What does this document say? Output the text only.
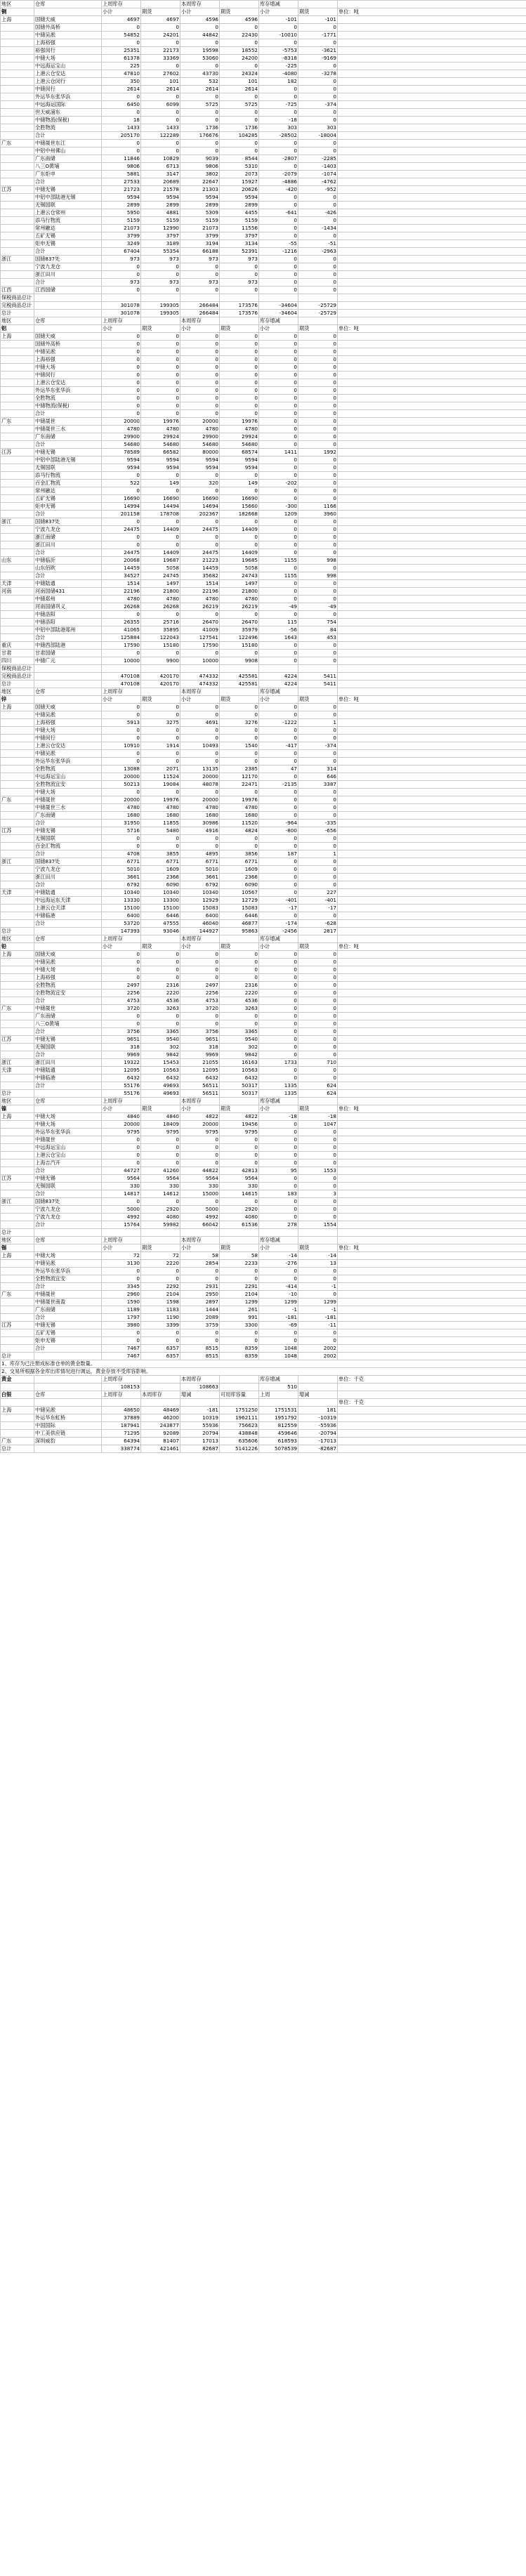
地区	仓库	上周库存		本周库存		库存增减		
铜		小计	期货	小计	期货	小计	期货	单位：吨
上海	国储天威	4697	4697	4596	4596	-101	-101	
	国储外高桥	0	0	0	0	0	0	
	中储吴淞	54852	24201	44842	22430	-10010	-1771	
	上海裕强	0	0	0	0	0	0	
	裕强闵行	25351	22173	19598	18552	-5753	-3621	
	中储大场	61378	33369	53060	24200	-8318	-9169	
	中远海运宝山	225	0	0	0	-225	0	
	上港云仓安达	47810	27602	43730	24324	-4080	-3278	
	上港云仓闵行	350	101	532	101	182	0	
	中储闵行	2614	2614	2614	2614	0	0	
	外运华东张华浜	0	0	0	0	0	0	
	中远海运国际	6450	6099	5725	5725	-725	-374	
	世天威浦东	0	0	0	0	0	0	
	中储物流(保税)	18	0	0	0	-18	0	
	全胜物流	1433	1433	1736	1736	303	303	
	合计	205170	122289	176676	104285	-28502	-18004	
广东	中储晟世东江	0	0	0	0	0	0	
	中铝中州佛山	0	0	0	0	0	0	
	广东南储	11846	10829	9039	8544	-2807	-2285	
	八三O黄埔	9806	6713	9806	5310	0	-1403	
	广东炬申	5881	3147	3802	2073	-2079	-1074	
	合计	27533	20689	22647	15927	-4886	-4762	
江苏	中储无锡	21723	21578	21303	20626	-420	-952	
	中铝中部陆港无锡	9594	9594	9594	9594	0	0	
	无锡国联	2899	2899	2899	2899	0	0	
	上港云仓常州	5950	4881	5309	4455	-641	-426	
	添马行物流	5159	5159	5159	5159	0	0	
	常州融达	21073	12990	21073	11556	0	-1434	
	五矿无锡	3799	3797	3799	3797	0	0	
	炬申无锡	3249	3189	3194	3134	-55	-51	
	合计	67404	55354	66188	52391	-1216	-2963	
浙江	国储837处	973	973	973	973	0	0	
	宁波九龙仓	0	0	0	0	0	0	
	浙江田川	0	0	0	0	0	0	
	合计	973	973	973	973	0	0	
江西	江西国储	0	0	0	0	0	0	
保税商品总计								
完税商品总计		301078	199305	266484	173576	-34604	-25729	
总计		301078	199305	266484	173576	-34604	-25729	
地区	仓库	上周库存		本周库存		库存增减		
铝		小计	期货	小计	期货	小计	期货	单位：吨
上海	国储天威	0	0	0	0	0	0	
	国储外高桥	0	0	0	0	0	0	
	中储吴淞	0	0	0	0	0	0	
	上海裕强	0	0	0	0	0	0	
	中储大场	0	0	0	0	0	0	
	中储闵行	0	0	0	0	0	0	
	上港云仓安达	0	0	0	0	0	0	
	外运华东张华浜	0	0	0	0	0	0	
	全胜物流	0	0	0	0	0	0	
	中储物流(保税)	0	0	0	0	0	0	
	合计	0	0	0	0	0	0	
广东	中储晟世	20000	19976	20000	19976	0	0	
	中储晟世三水	4780	4780	4780	4780	0	0	
	广东南储	29900	29924	29900	29924	0	0	
	合计	54680	54680	54680	54680	0	0	
江苏	中储无锡	78589	66582	80000	68574	1411	1992	
	中铝中部陆港无锡	9594	9594	9594	9594	0	0	
	无锡国联	9594	9594	9594	9594	0	0	
	添马行物流	0	0	0	0	0	0	
	百金汇物流	522	149	320	149	-202	0	
	常州融达	0	0	0	0	0	0	
	五矿无锡	16690	16690	16690	16690	0	0	
	炬申无锡	14994	14494	14694	15660	-300	1166	
	合计	201158	178708	202367	182668	1209	3960	
浙江	国储837处	0	0	0	0	0	0	
	宁波九龙仓	24475	14409	24475	14409	0	0	
	浙江南储	0	0	0	0	0	0	
	浙江田川	0	0	0	0	0	0	
	合计	24475	14409	24475	14409	0	0	
山东	中储临沂	20068	19687	21223	19685	1155	998	
	山东佰欧	14459	5058	14459	5058	0	0	
	合计	34527	24745	35682	24743	1155	998	
天津	中储陆通	1514	1497	1514	1497	0	0	
河南	河南国储431	22196	21800	22196	21800	0	0	
	中储郑州	4780	4780	4780	4780	0	0	
	河南国储巩义	26268	26268	26219	26219	-49	-49	
	中储洛阳	0	0	0	0	0	0	
	中储洛阳	26355	25716	26470	26470	115	754	
	中铝中部陆港郑州	41065	35895	41009	35979	-56	84	
	合计	125884	122043	127541	122496	1643	453	
重庆	中储西部陆港	17590	15180	17590	15180	0	0	
甘肃	甘肃国储	0	0	0	0	0	0	
四川	中储广元	10000	9900	10000	9908	0	0	
保税商品总计								
完税商品总计		470108	420170	474332	425581	4224	5411	
总计		470108	420170	474332	425581	4224	5411	
地区	仓库	上周库存		本周库存		库存增减		
锌		小计	期货	小计	期货	小计	期货	单位：吨
上海	国储天威	0	0	0	0	0	0	
	中储吴淞	0	0	0	0	0	0	
	上海裕强	5913	3275	4691	3276	-1222	1	
	中储大场	0	0	0	0	0	0	
	中储闵行	0	0	0	0	0	0	
	上港云仓安达	10910	1914	10493	1540	-417	-374	
	中储吴淞	0	0	0	0	0	0	
	外运华东张华浜	0	0	0	0	0	0	
	全胜物流	13088	2071	13135	2385	47	314	
	中远海运宝山	20000	11524	20000	12170	0	646	
	全胜物流宜安	50213	19084	48078	22471	-2135	3387	
	中储大场	0	0	0	0	0	0	
广东	中储晟世	20000	19976	20000	19976	0	0	
	中储晟世三水	4780	4780	4780	4780	0	0	
	广东南储	1680	1680	1680	1680	0	0	
	合计	31950	11855	30986	11520	-964	-335	
江苏	中储无锡	5716	5480	4916	4824	-800	-656	
	无锡国联	0	0	0	0	0	0	
	百金汇物流	0	0	0	0	0	0	
	合计	4708	3855	4895	3856	187	1	
浙江	国储837处	6771	6771	6771	6771	0	0	
	宁波九龙仓	5010	1609	5010	1609	0	0	
	浙江田川	3661	2366	3661	2366	0	0	
	合计	6792	6090	6792	6090	0	0	
天津	中储陆通	10340	10340	10340	10567	0	227	
	中远海运东天津	13330	13300	12929	12729	-401	-401	
	上港云仓天津	15100	15100	15083	15083	-17	-17	
	中储临港	6400	6446	6400	6446	0	0	
	合计	53720	47555	46040	46877	-174	-628	
总计		147393	93046	144927	95863	-2456	2817	
地区	仓库	上周库存		本周库存		库存增减		
铅		小计	期货	小计	期货	小计	期货	单位：吨
上海	国储天威	0	0	0	0	0	0	
	中储吴淞	0	0	0	0	0	0	
	中储大场	0	0	0	0	0	0	
	上海裕强	0	0	0	0	0	0	
	全胜物流	2497	2316	2497	2316	0	0	
	全胜物流宜安	2256	2220	2256	2220	0	0	
	合计	4753	4536	4753	4536	0	0	
广东	中储晟世	3720	3263	3720	3263	0	0	
	广东南储	0	0	0	0	0	0	
	八三O黄埔	0	0	0	0	0	0	
	合计	3756	3365	3756	3365	0	0	
江苏	中储无锡	9651	9540	9651	9540	0	0	
	无锡国联	318	302	318	302	0	0	
	合计	9969	9842	9969	9842	0	0	
浙江	浙江田川	19322	15453	21055	16163	1733	710	
天津	中储陆通	12095	10563	12095	10563	0	0	
	中储临港	6432	6432	6432	6432	0	0	
	合计	55176	49693	56511	50317	1335	624	
总计		55176	49693	56511	50317	1335	624	
地区	仓库	上周库存		本周库存		库存增减		
镍		小计	期货	小计	期货	小计	期货	单位：吨
上海	中储大场	4840	4840	4822	4822	-18	-18	
	中储大场	20000	18409	20000	19456	0	1047	
	外运华东张华浜	9795	9795	9795	9795	0	0	
	中储晟世	0	0	0	0	0	0	
	中远海运宝山	0	0	0	0	0	0	
	上港云仓宝山	0	0	0	0	0	0	
	上海吉汽开	0	0	0	0	0	0	
	合计	44727	41260	44822	42813	95	1553	
江苏	中储无锡	9564	9564	9564	9564	0	0	
	无锡国联	330	330	330	330	0	0	
	合计	14817	14612	15000	14615	183	3	
浙江	国储837处	0	0	0	0	0	0	
	宁波九龙仓	5000	2920	5000	2920	0	0	
	宁波九龙仓	4992	4080	4992	4080	0	0	
	合计	15764	59982	66042	61536	278	1554	
总计								
地区	仓库	上周库存		本周库存		库存增减		
锡		小计	期货	小计	期货	小计	期货	单位：吨
上海	中储大场	72	72	58	58	-14	-14	
	中储吴淞	3130	2220	2854	2233	-276	13	
	外运华东张华浜	0	0	0	0	0	0	
	全胜物流宜安	0	0	0	0	0	0	
	合计	3345	2292	2931	2291	-414	-1	
广东	中储晟世	2960	2104	2950	2104	-10	0	
	中储晟世南盈	1590	1598	2897	1299	1299	1299	
	广东南储	1189	1183	1444	261	-1	-1	
	合计	1797	1190	2089	991	-181	-181	
江苏	中储无锡	3980	3399	3759	3300	-69	-11	
	五矿无锡	0	0	0	0	0	0	
	炬申无锡	0	0	0	0	0	0	
	合计	7467	6357	8515	8359	1048	2002	
总计		7467	6357	8515	8359	1048	2002	
1、库存为已注册成标准仓单的黄金数量。								
2、交易所根据各金库出库情况进行调运，黄金存放不受库容影响。								
黄金		上周库存		本周库存		库存增减		单位：千克
		108153		108663		510		
白银	仓库	上周库存	本周库存	增减	可用库容量	上周	增减	
								单位：千克
上海	中储吴淞	48650	48469	-181	1751250	1751531	181	
	外运华东虹桥	37889	46200	10319	1962111	1951792	-10319	
	中国国际	187941	243877	55936	756623	812559	-55936	
	中工美供应链	71295	92089	20794	438848	459646	-20794	
广东	深圳威豹	64394	81407	17013	635606	618593	-17013	
总计		338774	421461	82687	5141226	5078539	-82687	
